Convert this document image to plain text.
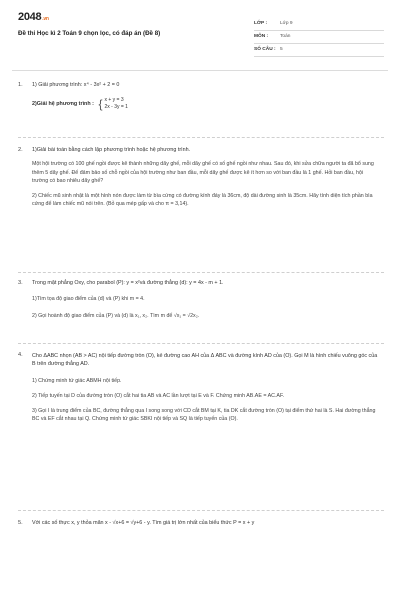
2048.vn
Đề thi Học kì 2 Toán 9 chọn lọc, có đáp án (Đề 8)
LỚP :	Lớp 9
MÔN :	Toán
SỐ CÂU : 5
1. 1) Giải phương trình: x⁴ - 3x² + 2 = 0
2)Giải hệ phương trình : { x + y = 3
2x - 3y = 1
2. 1)Giải bài toán bằng cách lập phương trình hoặc hệ phương trình.
Một hội trường có 100 ghế ngồi được kê thành những dãy ghế, mỗi dãy ghế có số ghế ngồi như nhau. Sau đó, khi sửa chữa người ta đã bổ sung thêm 5 dãy ghế. Để đảm bảo số chỗ ngồi của hội trường như ban đầu, mỗi dãy ghế được kê ít hơn so với ban đầu là 1 ghế. Hỏi ban đầu, hội trường có bao nhiêu dãy ghế?
2) Chiếc mũ sinh nhật là một hình nón được làm từ bìa cứng có đường kính đáy là 36cm, độ dài đường sinh là 35cm. Hãy tính diện tích phần bìa cứng để làm chiếc mũ nói trên. (Bỏ qua mép gấp và cho π = 3,14).
3. Trong mặt phẳng Oxy, cho parabol (P): y = x²và đường thẳng (d): y = 4x - m + 1.
1)Tìm tọa độ giao điểm của (d) và (P) khi m = 4.
2) Gọi hoành độ giao điểm của (P) và (d) là x₁, x₂. Tìm m để √x₁ = √2x₂.
4. Cho ΔABC nhọn (AB > AC) nội tiếp đường tròn (O), kẻ đường cao AH của Δ ABC và đường kính AD của (O). Gọi M là hình chiếu vuông góc của B trên đường thẳng AD.
1) Chứng minh tứ giác ABMH nội tiếp.
2) Tiếp tuyến tại D của đường tròn (O) cắt hai tia AB và AC lần lượt tại E và F. Chứng minh AB.AE = AC.AF.
3) Gọi I là trung điểm của BC, đường thẳng qua I song song với CD cắt BM tại K, tia DK cắt đường tròn (O) tại điểm thứ hai là S. Hai đường thẳng BC và EF cắt nhau tại Q. Chứng minh tứ giác SBKI nội tiếp và SQ là tiếp tuyến của (O).
5. Với các số thực x, y thỏa mãn x - √x+6 = √y+6 - y. Tìm giá trị lớn nhất của biểu thức P = x + y
